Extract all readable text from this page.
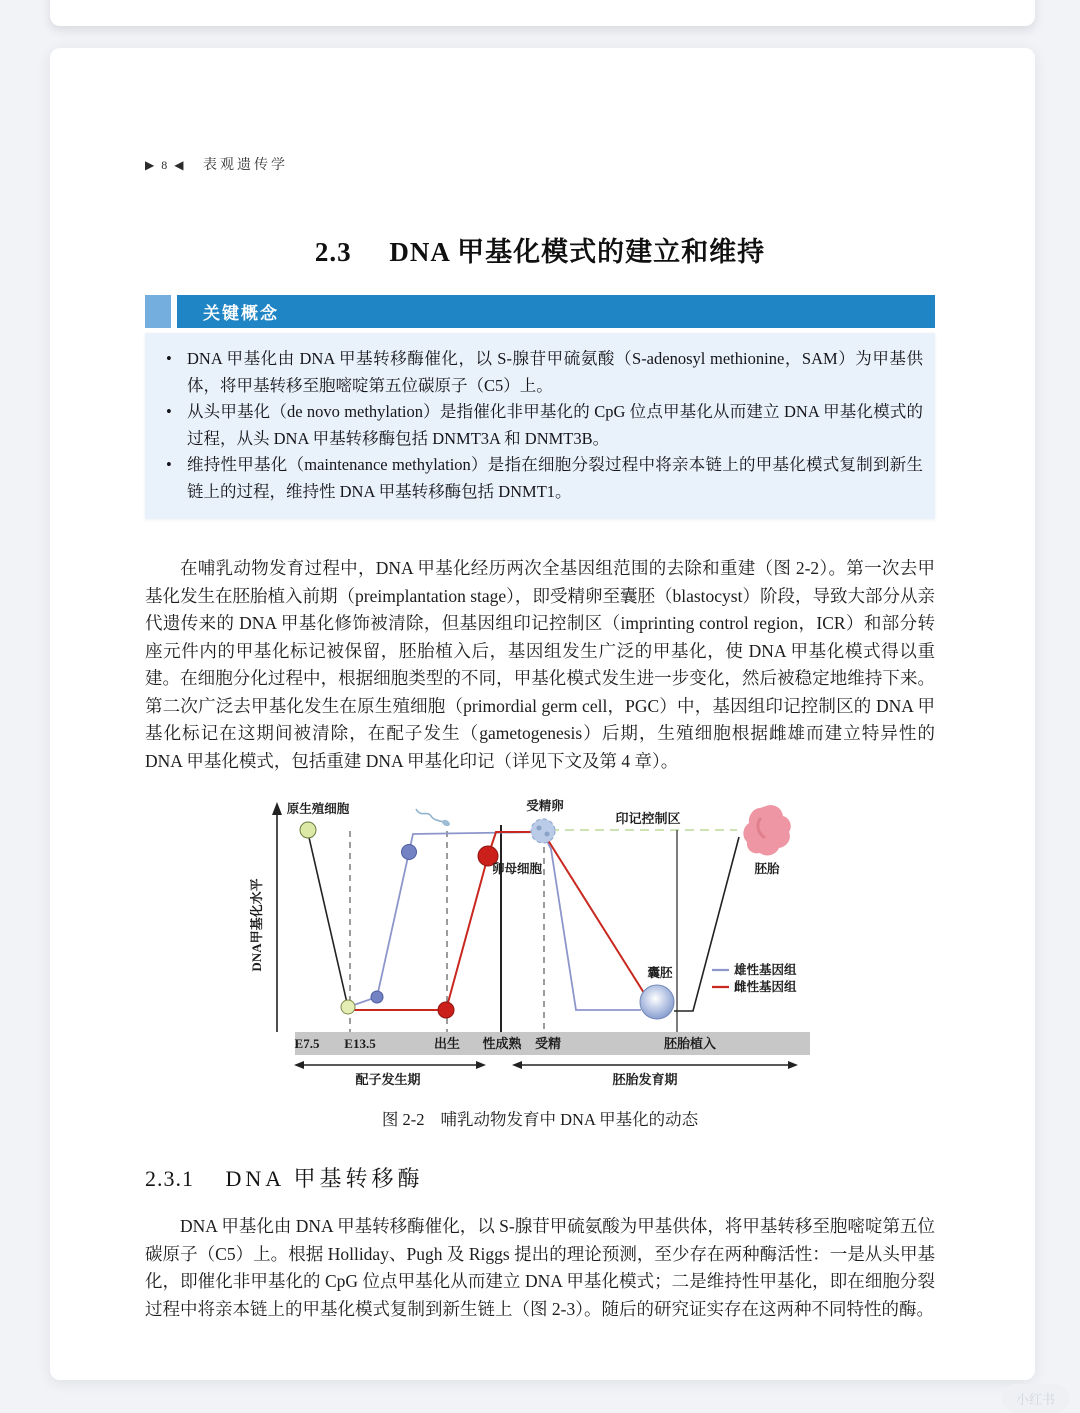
▶ 8 ◀ 表观遗传学
2.3 DNA 甲基化模式的建立和维持
关键概念
• DNA 甲基化由 DNA 甲基转移酶催化，以 S-腺苷甲硫氨酸（S-adenosyl methionine，SAM）为甲基供体，将甲基转移至胞嘧啶第五位碳原子（C5）上。
• 从头甲基化（de novo methylation）是指催化非甲基化的 CpG 位点甲基化从而建立 DNA 甲基化模式的过程，从头 DNA 甲基转移酶包括 DNMT3A 和 DNMT3B。
• 维持性甲基化（maintenance methylation）是指在细胞分裂过程中将亲本链上的甲基化模式复制到新生链上的过程，维持性 DNA 甲基转移酶包括 DNMT1。

在哺乳动物发育过程中，DNA 甲基化经历两次全基因组范围的去除和重建（图 2-2）。第一次去甲基化发生在胚胎植入前期（preimplantation stage），即受精卵至囊胚（blastocyst）阶段，导致大部分从亲代遗传来的 DNA 甲基化修饰被清除，但基因组印记控制区（imprinting control region，ICR）和部分转座元件内的甲基化标记被保留，胚胎植入后，基因组发生广泛的甲基化，使 DNA 甲基化模式得以重建。在细胞分化过程中，根据细胞类型的不同，甲基化模式发生进一步变化，然后被稳定地维持下来。第二次广泛去甲基化发生在原生殖细胞（primordial germ cell，PGC）中，基因组印记控制区的 DNA 甲基化标记在这期间被清除，在配子发生（gametogenesis）后期，生殖细胞根据雌雄而建立特异性的 DNA 甲基化模式，包括重建 DNA 甲基化印记（详见下文及第 4 章）。

DNA甲基化水平
原生殖细胞	受精卵
卵母细胞
印记控制区
胚胎
囊胚	雄性基因组
雌性基因组
E7.5 E13.5	出生 性成熟 受精	胚胎植入
配子发生期	胚胎发育期
图 2-2 哺乳动物发育中 DNA 甲基化的动态
2.3.1 DNA 甲基转移酶

DNA 甲基化由 DNA 甲基转移酶催化，以 S-腺苷甲硫氨酸为甲基供体，将甲基转移至胞嘧啶第五位碳原子（C5）上。根据 Holliday、Pugh 及 Riggs 提出的理论预测，至少存在两种酶活性：一是从头甲基化，即催化非甲基化的 CpG 位点甲基化从而建立 DNA 甲基化模式；二是维持性甲基化，即在细胞分裂过程中将亲本链上的甲基化模式复制到新生链上（图 2-3）。随后的研究证实存在这两种不同特性的酶。

小红书
